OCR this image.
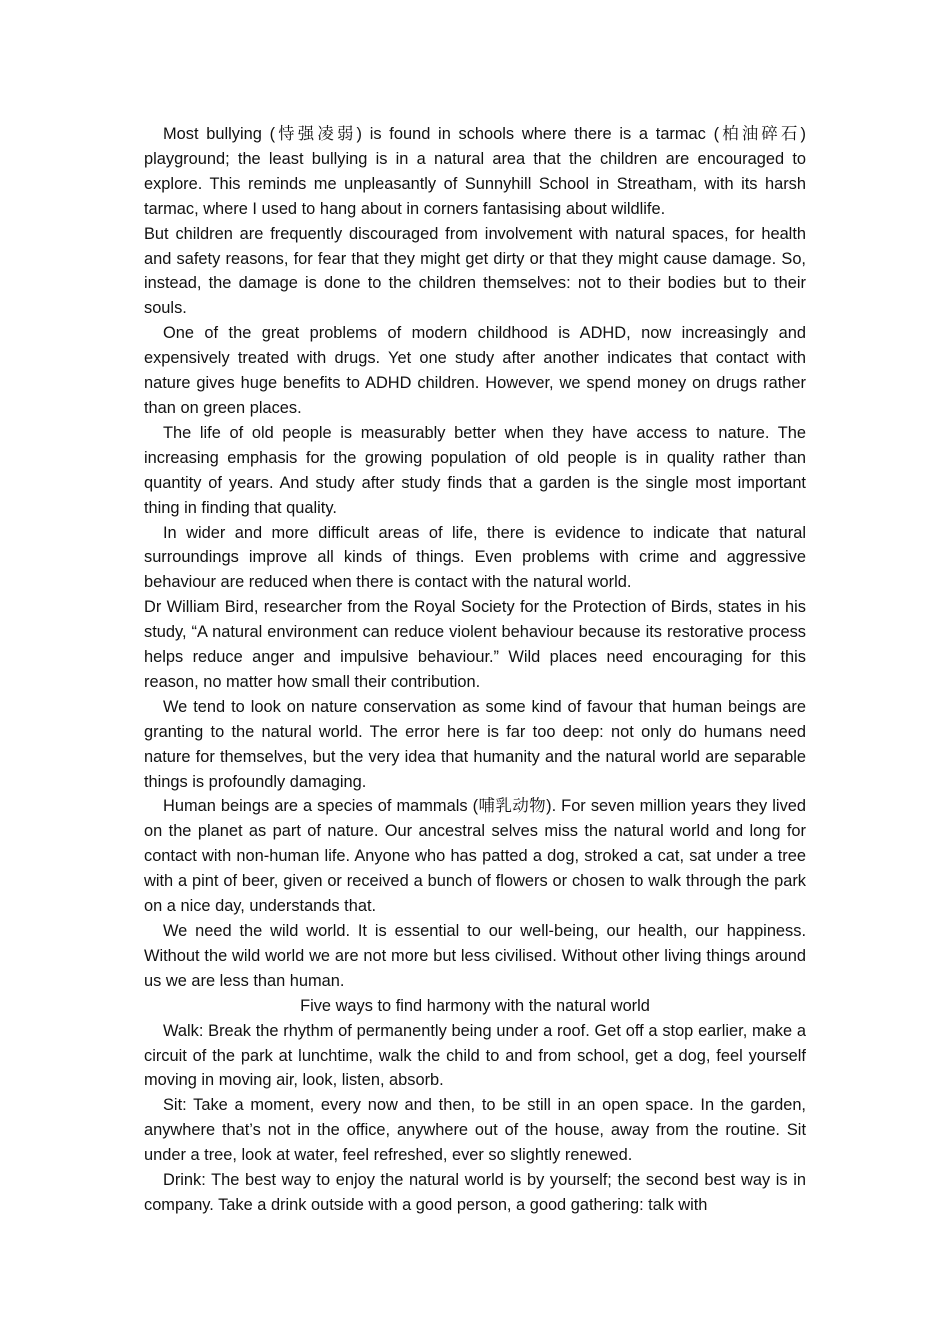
Most bullying (恃强凌弱) is found in schools where there is a tarmac (柏油碎石) playground; the least bullying is in a natural area that the children are encouraged to explore. This reminds me unpleasantly of Sunnyhill School in Streatham, with its harsh tarmac, where I used to hang about in corners fantasising about wildlife.

But children are frequently discouraged from involvement with natural spaces, for health and safety reasons, for fear that they might get dirty or that they might cause damage. So, instead, the damage is done to the children themselves: not to their bodies but to their souls.

One of the great problems of modern childhood is ADHD, now increasingly and expensively treated with drugs. Yet one study after another indicates that contact with nature gives huge benefits to ADHD children. However, we spend money on drugs rather than on green places.

The life of old people is measurably better when they have access to nature. The increasing emphasis for the growing population of old people is in quality rather than quantity of years. And study after study finds that a garden is the single most important thing in finding that quality.

In wider and more difficult areas of life, there is evidence to indicate that natural surroundings improve all kinds of things. Even problems with crime and aggressive behaviour are reduced when there is contact with the natural world.

Dr William Bird, researcher from the Royal Society for the Protection of Birds, states in his study, “A natural environment can reduce violent behaviour because its restorative process helps reduce anger and impulsive behaviour.” Wild places need encouraging for this reason, no matter how small their contribution.

We tend to look on nature conservation as some kind of favour that human beings are granting to the natural world. The error here is far too deep: not only do humans need nature for themselves, but the very idea that humanity and the natural world are separable things is profoundly damaging.

Human beings are a species of mammals (哺乳动物). For seven million years they lived on the planet as part of nature. Our ancestral selves miss the natural world and long for contact with non-human life. Anyone who has patted a dog, stroked a cat, sat under a tree with a pint of beer, given or received a bunch of flowers or chosen to walk through the park on a nice day, understands that.

We need the wild world. It is essential to our well-being, our health, our happiness. Without the wild world we are not more but less civilised. Without other living things around us we are less than human.

Five ways to find harmony with the natural world

Walk: Break the rhythm of permanently being under a roof. Get off a stop earlier, make a circuit of the park at lunchtime, walk the child to and from school, get a dog, feel yourself moving in moving air, look, listen, absorb.

Sit: Take a moment, every now and then, to be still in an open space. In the garden, anywhere that’s not in the office, anywhere out of the house, away from the routine. Sit under a tree, look at water, feel refreshed, ever so slightly renewed.

Drink: The best way to enjoy the natural world is by yourself; the second best way is in company. Take a drink outside with a good person, a good gathering: talk with
